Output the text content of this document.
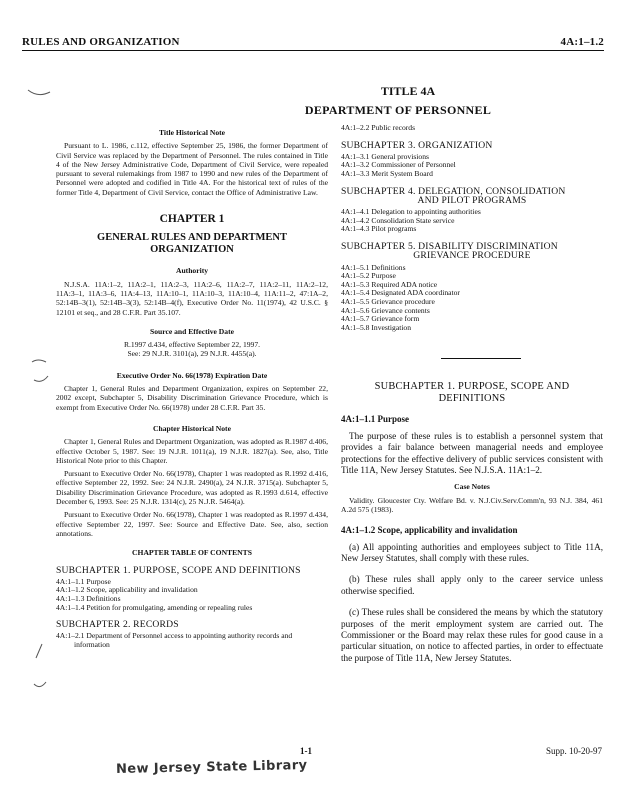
RULES AND ORGANIZATION	4A:1–1.2
TITLE 4A
DEPARTMENT OF PERSONNEL
Title Historical Note

Pursuant to L. 1986, c.112, effective September 25, 1986, the former Department of Civil Service was replaced by the Department of Personnel. The rules contained in Title 4 of the New Jersey Administrative Code, Department of Civil Service, were repealed pursuant to several rulemakings from 1987 to 1990 and new rules of the Department of Personnel were adopted and codified in Title 4A. For the historical text of rules of the former Title 4, Department of Civil Service, contact the Office of Administrative Law.

CHAPTER 1
GENERAL RULES AND DEPARTMENT
ORGANIZATION
Authority

N.J.S.A. 11A:1–2, 11A:2–1, 11A:2–3, 11A:2–6, 11A:2–7, 11A:2–11, 11A:2–12, 11A:3–1, 11A:3–6, 11A:4–13, 11A:10–1, 11A:10–3, 11A:10–4, 11A:11–2, 47:1A–2, 52:14B–3(1), 52:14B–3(3), 52:14B–4(f), Executive Order No. 11(1974), 42 U.S.C. § 12101 et seq., and 28 C.F.R. Part 35.107.

Source and Effective Date
R.1997 d.434, effective September 22, 1997.
See: 29 N.J.R. 3101(a), 29 N.J.R. 4455(a).
Executive Order No. 66(1978) Expiration Date

Chapter 1, General Rules and Department Organization, expires on September 22, 2002 except, Subchapter 5, Disability Discrimination Grievance Procedure, which is exempt from Executive Order No. 66(1978) under 28 C.F.R. Part 35.

Chapter Historical Note

Chapter 1, General Rules and Department Organization, was adopted as R.1987 d.406, effective October 5, 1987. See: 19 N.J.R. 1011(a), 19 N.J.R. 1827(a). See, also, Title Historical Note prior to this Chapter.

Pursuant to Executive Order No. 66(1978), Chapter 1 was readopted as R.1992 d.416, effective September 22, 1992. See: 24 N.J.R. 2490(a), 24 N.J.R. 3715(a). Subchapter 5, Disability Discrimination Grievance Procedure, was adopted as R.1993 d.614, effective December 6, 1993. See: 25 N.J.R. 1314(c), 25 N.J.R. 5464(a).

Pursuant to Executive Order No. 66(1978), Chapter 1 was readopted as R.1997 d.434, effective September 22, 1997. See: Source and Effective Date. See, also, section annotations.

CHAPTER TABLE OF CONTENTS
SUBCHAPTER 1. PURPOSE, SCOPE AND DEFINITIONS
4A:1–1.1 Purpose
4A:1–1.2 Scope, applicability and invalidation
4A:1–1.3 Definitions
4A:1–1.4 Petition for promulgating, amending or repealing rules
SUBCHAPTER 2. RECORDS
4A:1–2.1 Department of Personnel access to appointing authority records and information
4A:1–2.2 Public records
SUBCHAPTER 3. ORGANIZATION
4A:1–3.1 General provisions
4A:1–3.2 Commissioner of Personnel
4A:1–3.3 Merit System Board
SUBCHAPTER 4. DELEGATION, CONSOLIDATION
AND PILOT PROGRAMS
4A:1–4.1 Delegation to appointing authorities
4A:1–4.2 Consolidation State service
4A:1–4.3 Pilot programs
SUBCHAPTER 5. DISABILITY DISCRIMINATION
GRIEVANCE PROCEDURE
4A:1–5.1 Definitions
4A:1–5.2 Purpose
4A:1–5.3 Required ADA notice
4A:1–5.4 Designated ADA coordinator
4A:1–5.5 Grievance procedure
4A:1–5.6 Grievance contents
4A:1–5.7 Grievance form
4A:1–5.8 Investigation
SUBCHAPTER 1. PURPOSE, SCOPE AND
DEFINITIONS
4A:1–1.1 Purpose
The purpose of these rules is to establish a personnel system that provides a fair balance between managerial needs and employee protections for the effective delivery of public services consistent with Title 11A, New Jersey Statutes. See N.J.S.A. 11A:1–2.
Case Notes
Validity. Gloucester Cty. Welfare Bd. v. N.J.Civ.Serv.Comm'n, 93 N.J. 384, 461 A.2d 575 (1983).
4A:1–1.2 Scope, applicability and invalidation
(a) All appointing authorities and employees subject to Title 11A, New Jersey Statutes, shall comply with these rules.
(b) These rules shall apply only to the career service unless otherwise specified.
(c) These rules shall be considered the means by which the statutory purposes of the merit employment system are carried out. The Commissioner or the Board may relax these rules for good cause in a particular situation, on notice to affected parties, in order to effectuate the purpose of Title 11A, New Jersey Statutes.
1-1	Supp. 10-20-97
New Jersey State Library
